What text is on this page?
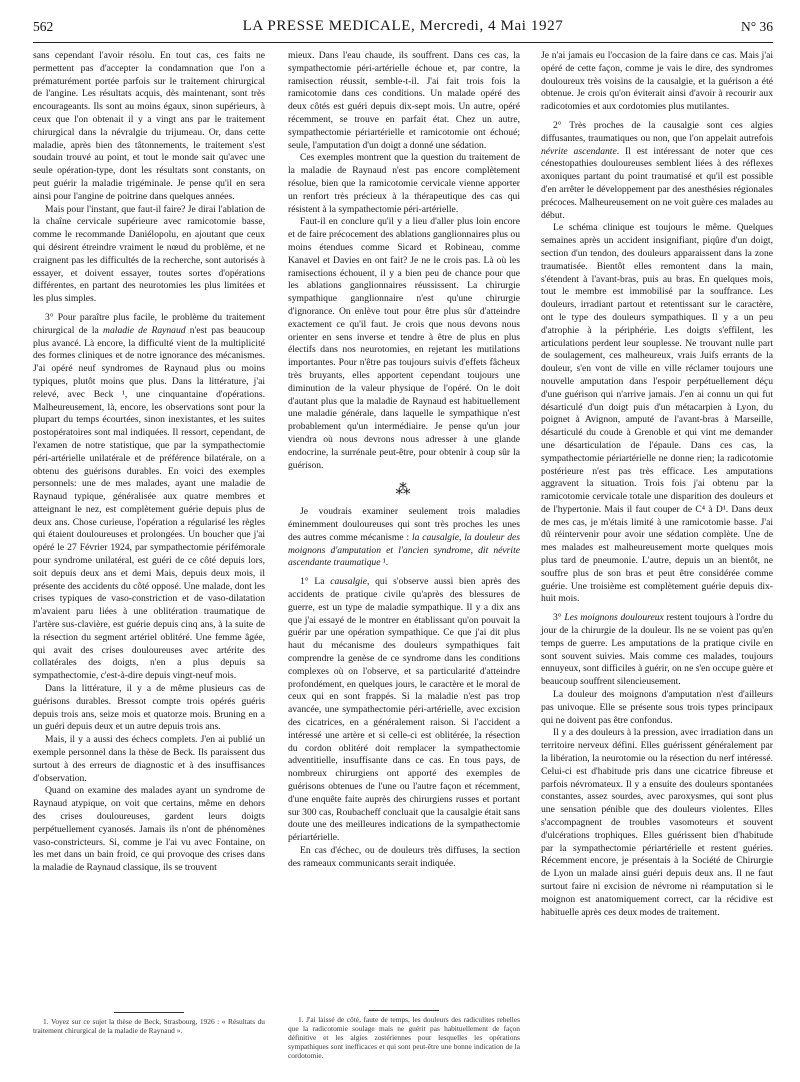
562	LA PRESSE MEDICALE, Mercredi, 4 Mai 1927	N° 36

sans cependant l'avoir résolu. En tout cas, ces faits ne permettent pas d'accepter la condamnation que l'on a prématurément portée parfois sur le traitement chirurgical de l'angine. Les résultats acquis, dès maintenant, sont très encourageants. Ils sont au moins égaux, sinon supérieurs, à ceux que l'on obtenait il y a vingt ans par le traitement chirurgical dans la névralgie du trijumeau. Or, dans cette maladie, après bien des tâtonnements, le traitement s'est soudain trouvé au point, et tout le monde sait qu'avec une seule opération-type, dont les résultats sont constants, on peut guérir la maladie trigéminale. Je pense qu'il en sera ainsi pour l'angine de poitrine dans quelques années.

Mais pour l'instant, que faut-il faire? Je dirai l'ablation de la chaîne cervicale supérieure avec ramicotomie basse, comme le recommande Daniélopolu, en ajoutant que ceux qui désirent étreindre vraiment le nœud du problème, et ne craignent pas les difficultés de la recherche, sont autorisés à essayer, et doivent essayer, toutes sortes d'opérations différentes, en partant des neurotomies les plus limitées et les plus simples.

3° Pour paraître plus facile, le problème du traitement chirurgical de la maladie de Raynaud n'est pas beaucoup plus avancé. Là encore, la difficulté vient de la multiplicité des formes cliniques et de notre ignorance des mécanismes. J'ai opéré neuf syndromes de Raynaud plus ou moins typiques, plutôt moins que plus. Dans la littérature, j'ai relevé, avec Beck ¹, une cinquantaine d'opérations. Malheureusement, là, encore, les observations sont pour la plupart du temps écourtées, sinon inexistantes, et les suites postopératoires sont mal indiquées. Il ressort, cependant, de l'examen de notre statistique, que par la sympathectomie péri-artérielle unilatérale et de préférence bilatérale, on a obtenu des guérisons durables. En voici des exemples personnels: une de mes malades, ayant une maladie de Raynaud typique, généralisée aux quatre membres et atteignant le nez, est complètement guérie depuis plus de deux ans. Chose curieuse, l'opération a régularisé les règles qui étaient douloureuses et prolongées. Un boucher que j'ai opéré le 27 Février 1924, par sympathectomie périfémorale pour syndrome unilatéral, est guéri de ce côté depuis lors, soit depuis deux ans et demi Mais, depuis deux mois, il présente des accidents du côté opposé. Une malade, dont les crises typiques de vaso-constriction et de vaso-dilatation m'avaient paru liées à une oblitération traumatique de l'artère sus-clavière, est guérie depuis cinq ans, à la suite de la résection du segment artériel oblitéré. Une femme âgée, qui avait des crises douloureuses avec artérite des collatérales des doigts, n'en a plus depuis sa sympathectomie, c'est-à-dire depuis vingt-neuf mois.

Dans la littérature, il y a de même plusieurs cas de guérisons durables. Bressot compte trois opérés guéris depuis trois ans, seize mois et quatorze mois. Bruning en a un guéri depuis deux et un autre depuis trois ans.

Mais, il y a aussi des échecs complets. J'en ai publié un exemple personnel dans la thèse de Beck. Ils paraissent dus surtout à des erreurs de diagnostic et à des insuffisances d'observation.

Quand on examine des malades ayant un syndrome de Raynaud atypique, on voit que certains, même en dehors des crises douloureuses, gardent leurs doigts perpétuellement cyanosés. Jamais ils n'ont de phénomènes vaso-constricteurs. Si, comme je l'ai vu avec Fontaine, on les met dans un bain froid, ce qui provoque des crises dans la maladie de Raynaud classique, ils se trouvent

1. Voyez sur ce sujet la thèse de Beck, Strasbourg, 1926 : « Résultats du traitement chirurgical de la maladie de Raynaud ».

mieux. Dans l'eau chaude, ils souffrent. Dans ces cas, la sympathectomie péri-artérielle échoue et, par contre, la ramisection réussit, semble-t-il. J'ai fait trois fois la ramicotomie dans ces conditions. Un malade opéré des deux côtés est guéri depuis dix-sept mois. Un autre, opéré récemment, se trouve en parfait état. Chez un autre, sympathectomie périartérielle et ramicotomie ont échoué; seule, l'amputation d'un doigt a donné une sédation.

Ces exemples montrent que la question du traitement de la maladie de Raynaud n'est pas encore complètement résolue, bien que la ramicotomie cervicale vienne apporter un renfort très précieux à la thérapeutique des cas qui résistent à la sympathectomie péri-artérielle.

Faut-il en conclure qu'il y a lieu d'aller plus loin encore et de faire précocement des ablations ganglionnaires plus ou moins étendues comme Sicard et Robineau, comme Kanavel et Davies en ont fait? Je ne le crois pas. Là où les ramisections échouent, il y a bien peu de chance pour que les ablations ganglionnaires réussissent. La chirurgie sympathique ganglionnaire n'est qu'une chirurgie d'ignorance. On enlève tout pour être plus sûr d'atteindre exactement ce qu'il faut. Je crois que nous devons nous orienter en sens inverse et tendre à être de plus en plus électifs dans nos neurotomies, en rejetant les mutilations importantes. Pour n'être pas toujours suivis d'effets fâcheux très bruyants, elles apportent cependant toujours une diminution de la valeur physique de l'opéré. On le doit d'autant plus que la maladie de Raynaud est habituellement une maladie générale, dans laquelle le sympathique n'est probablement qu'un intermédiaire. Je pense qu'un jour viendra où nous devrons nous adresser à une glande endocrine, la surrénale peut-être, pour obtenir à coup sûr la guérison.

⁂

Je voudrais examiner seulement trois maladies éminemment douloureuses qui sont très proches les unes des autres comme mécanisme : la causalgie, la douleur des moignons d'amputation et l'ancien syndrome, dit névrite ascendante traumatique ¹.

1° La causalgie, qui s'observe aussi bien après des accidents de pratique civile qu'après des blessures de guerre, est un type de maladie sympathique. Il y a dix ans que j'ai essayé de le montrer en établissant qu'on pouvait la guérir par une opération sympathique. Ce que j'ai dit plus haut du mécanisme des douleurs sympathiques fait comprendre la genèse de ce syndrome dans les conditions complexes où on l'observe, et sa particularité d'atteindre profondément, en quelques jours, le caractère et le moral de ceux qui en sont frappés. Si la maladie n'est pas trop avancée, une sympathectomie péri-artérielle, avec excision des cicatrices, en a généralement raison. Si l'accident a intéressé une artère et si celle-ci est oblitérée, la résection du cordon oblitéré doit remplacer la sympathectomie adventitielle, insuffisante dans ce cas. En tous pays, de nombreux chirurgiens ont apporté des exemples de guérisons obtenues de l'une ou l'autre façon et récemment, d'une enquête faite auprès des chirurgiens russes et portant sur 300 cas, Roubacheff concluait que la causalgie était sans doute une des meilleures indications de la sympathectomie périartérielle.

En cas d'échec, ou de douleurs très diffuses, la section des rameaux communicants serait indiquée.

1. J'ai laissé de côté, faute de temps, les douleurs des radiculites rebelles que la radicotomie soulage mais ne guérit pas habituellement de façon définitive et les algies zostériennes pour lesquelles les opérations sympathiques sont inefficaces et qui sont peut-être une bonne indication de la cordotomie.

Je n'ai jamais eu l'occasion de la faire dans ce cas. Mais j'ai opéré de cette façon, comme je vais le dire, des syndromes douloureux très voisins de la causalgie, et la guérison a été obtenue. Je crois qu'on éviterait ainsi d'avoir à recourir aux radicotomies et aux cordotomies plus mutilantes.

2° Très proches de la causalgie sont ces algies diffusantes, traumatiques ou non, que l'on appelait autrefois névrite ascendante. Il est intéressant de noter que ces cénestopathies douloureuses semblent liées à des réflexes axoniques partant du point traumatisé et qu'il est possible d'en arrêter le développement par des anesthésies régionales précoces. Malheureusement on ne voit guère ces malades au début.

Le schéma clinique est toujours le même. Quelques semaines après un accident insignifiant, piqûre d'un doigt, section d'un tendon, des douleurs apparaissent dans la zone traumatisée. Bientôt elles remontent dans la main, s'étendent à l'avant-bras, puis au bras. En quelques mois, tout le membre est immobilisé par la souffrance. Les douleurs, irradiant partout et retentissant sur le caractère, ont le type des douleurs sympathiques. Il y a un peu d'atrophie à la périphérie. Les doigts s'effilent, les articulations perdent leur souplesse. Ne trouvant nulle part de soulagement, ces malheureux, vrais Juifs errants de la douleur, s'en vont de ville en ville réclamer toujours une nouvelle amputation dans l'espoir perpétuellement déçu d'une guérison qui n'arrive jamais. J'en ai connu un qui fut désarticulé d'un doigt puis d'un métacarpien à Lyon, du poignet à Avignon, amputé de l'avant-bras à Marseille, désarticulé du coude à Grenoble et qui vint me demander une désarticulation de l'épaule. Dans ces cas, la sympathectomie périartérielle ne donne rien; la radicotomie postérieure n'est pas très efficace. Les amputations aggravent la situation. Trois fois j'ai obtenu par la ramicotomie cervicale totale une disparition des douleurs et de l'hypertonie. Mais il faut couper de C⁴ à D¹. Dans deux de mes cas, je m'étais limité à une ramicotomie basse. J'ai dû réintervenir pour avoir une sédation complète. Une de mes malades est malheureusement morte quelques mois plus tard de pneumonie. L'autre, depuis un an bientôt, ne souffre plus de son bras et peut être considérée comme guérie. Une troisième est complètement guérie depuis dix-huit mois.

3° Les moignons douloureux restent toujours à l'ordre du jour de la chirurgie de la douleur. Ils ne se voient pas qu'en temps de guerre. Les amputations de la pratique civile en sont souvent suivies. Mais comme ces malades, toujours ennuyeux, sont difficiles à guérir, on ne s'en occupe guère et beaucoup souffrent silencieusement.

La douleur des moignons d'amputation n'est d'ailleurs pas univoque. Elle se présente sous trois types principaux qui ne doivent pas être confondus.

Il y a des douleurs à la pression, avec irradiation dans un territoire nerveux défini. Elles guérissent généralement par la libération, la neurotomie ou la résection du nerf intéressé. Celui-ci est d'habitude pris dans une cicatrice fibreuse et parfois névromateux. Il y a ensuite des douleurs spontanées constantes, assez sourdes, avec paroxysmes, qui sont plus une sensation pénible que des douleurs violentes. Elles s'accompagnent de troubles vasomoteurs et souvent d'ulcérations trophiques. Elles guérissent bien d'habitude par la sympathectomie périartérielle et restent guéries. Récemment encore, je présentais à la Société de Chirurgie de Lyon un malade ainsi guéri depuis deux ans. Il ne faut surtout faire ni excision de névrome ni réamputation si le moignon est anatomiquement correct, car la récidive est habituelle après ces deux modes de traitement.
